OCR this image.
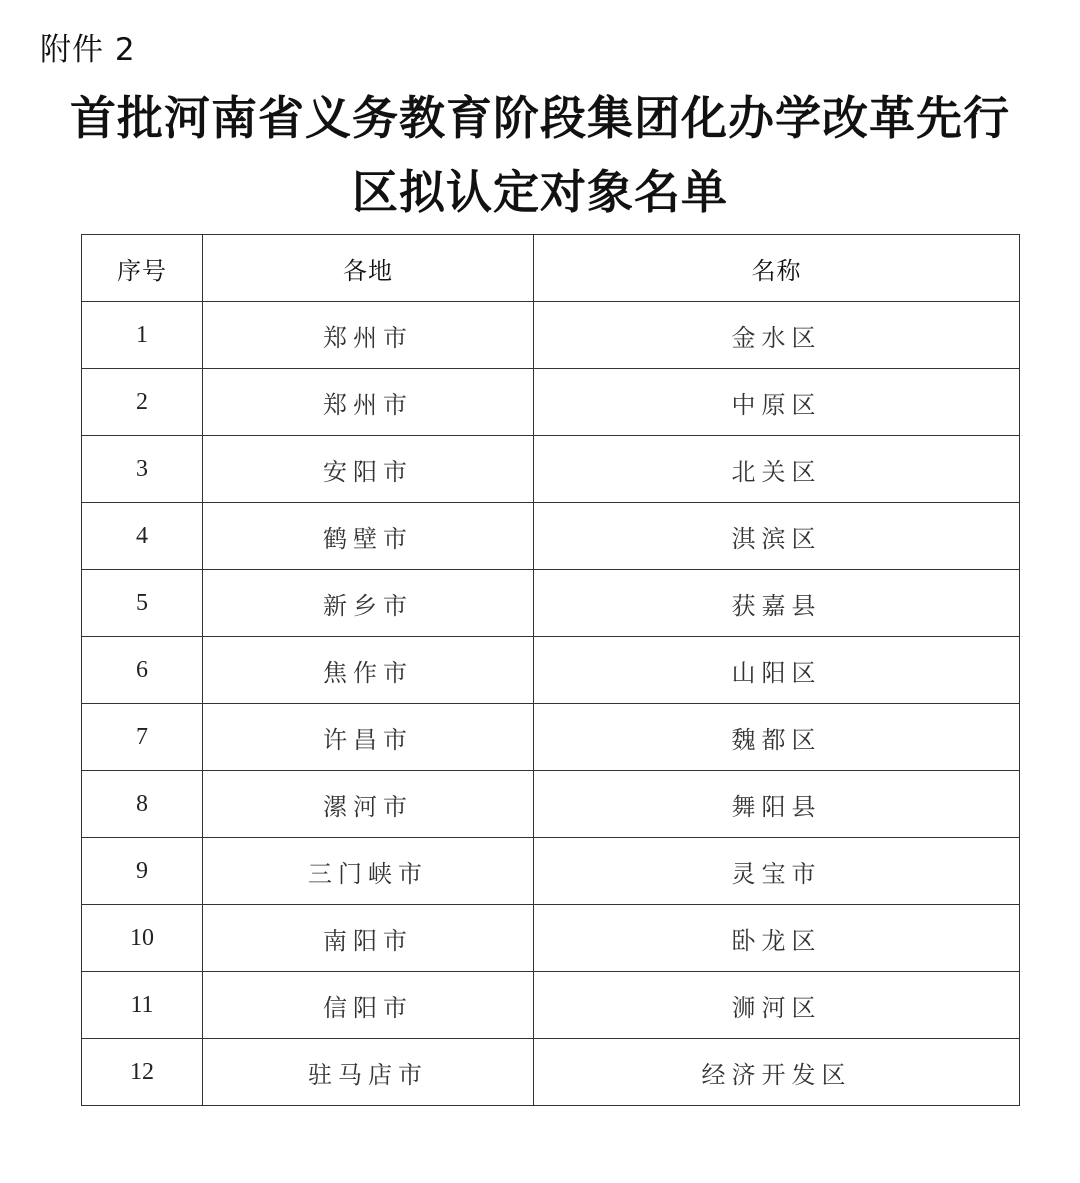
附件 2
首批河南省义务教育阶段集团化办学改革先行
区拟认定对象名单
序号	各地	名称
1	郑州市	金水区
2	郑州市	中原区
3	安阳市	北关区
4	鹤壁市	淇滨区
5	新乡市	获嘉县
6	焦作市	山阳区
7	许昌市	魏都区
8	漯河市	舞阳县
9	三门峡市	灵宝市
10	南阳市	卧龙区
11	信阳市	浉河区
12	驻马店市	经济开发区
